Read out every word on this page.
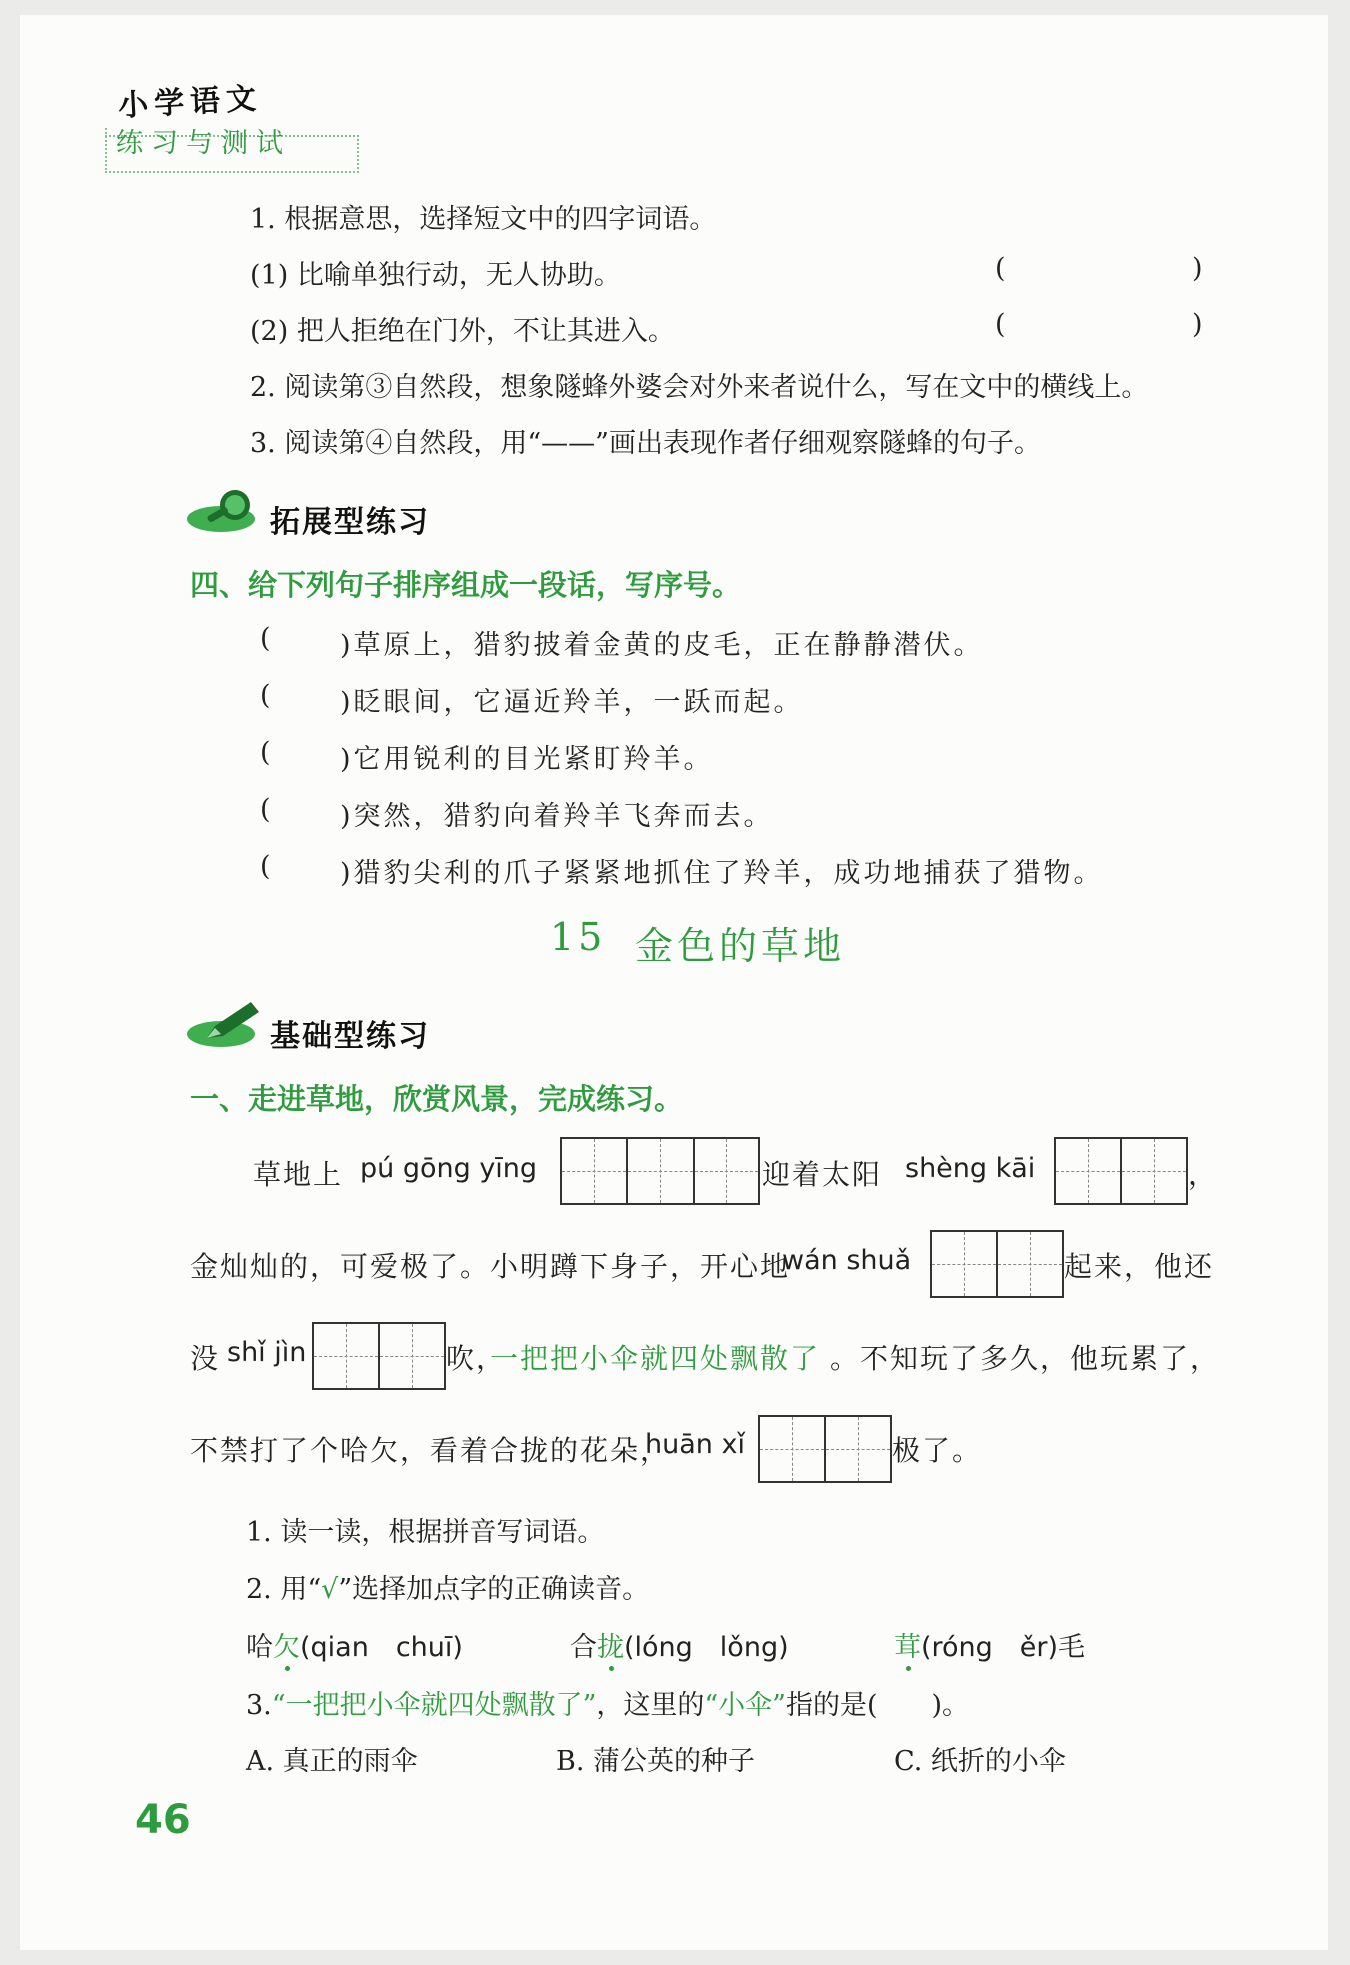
小学语文
练习与测试
1. 根据意思，选择短文中的四字词语。
(1) 比喻单独行动，无人协助。	(	)
(2) 把人拒绝在门外，不让其进入。	(	)
2. 阅读第③自然段，想象隧蜂外婆会对外来者说什么，写在文中的横线上。
3. 阅读第④自然段，用“——”画出表现作者仔细观察隧蜂的句子。
拓展型练习
四、给下列句子排序组成一段话，写序号。
( )草原上，猎豹披着金黄的皮毛，正在静静潜伏。
( )眨眼间，它逼近羚羊，一跃而起。
( )它用锐利的目光紧盯羚羊。
( )突然，猎豹向着羚羊飞奔而去。
( )猎豹尖利的爪子紧紧地抓住了羚羊，成功地捕获了猎物。
15 金色的草地
基础型练习
一、走进草地，欣赏风景，完成练习。
草地上 pú gōng yīng	迎着太阳 shèng kāi	，
金灿灿的，可爱极了。小明蹲下身子，开心地
wán shuǎ	起来，他还
没 shǐ jìn	吹，
一把把小伞就四处飘散了 。不知玩了多久，他玩累了，
不禁打了个哈欠，看着合拢的花朵，
huān xǐ	极了。
1. 读一读，根据拼音写词语。
2. 用“√”选择加点字的正确读音。
哈欠(qian　chuī)	合拢(lóng　lǒng)	茸(róng　ěr)毛
3.“一把把小伞就四处飘散了”，这里的“小伞”指的是(　　)。
A. 真正的雨伞	B. 蒲公英的种子	C. 纸折的小伞
46
